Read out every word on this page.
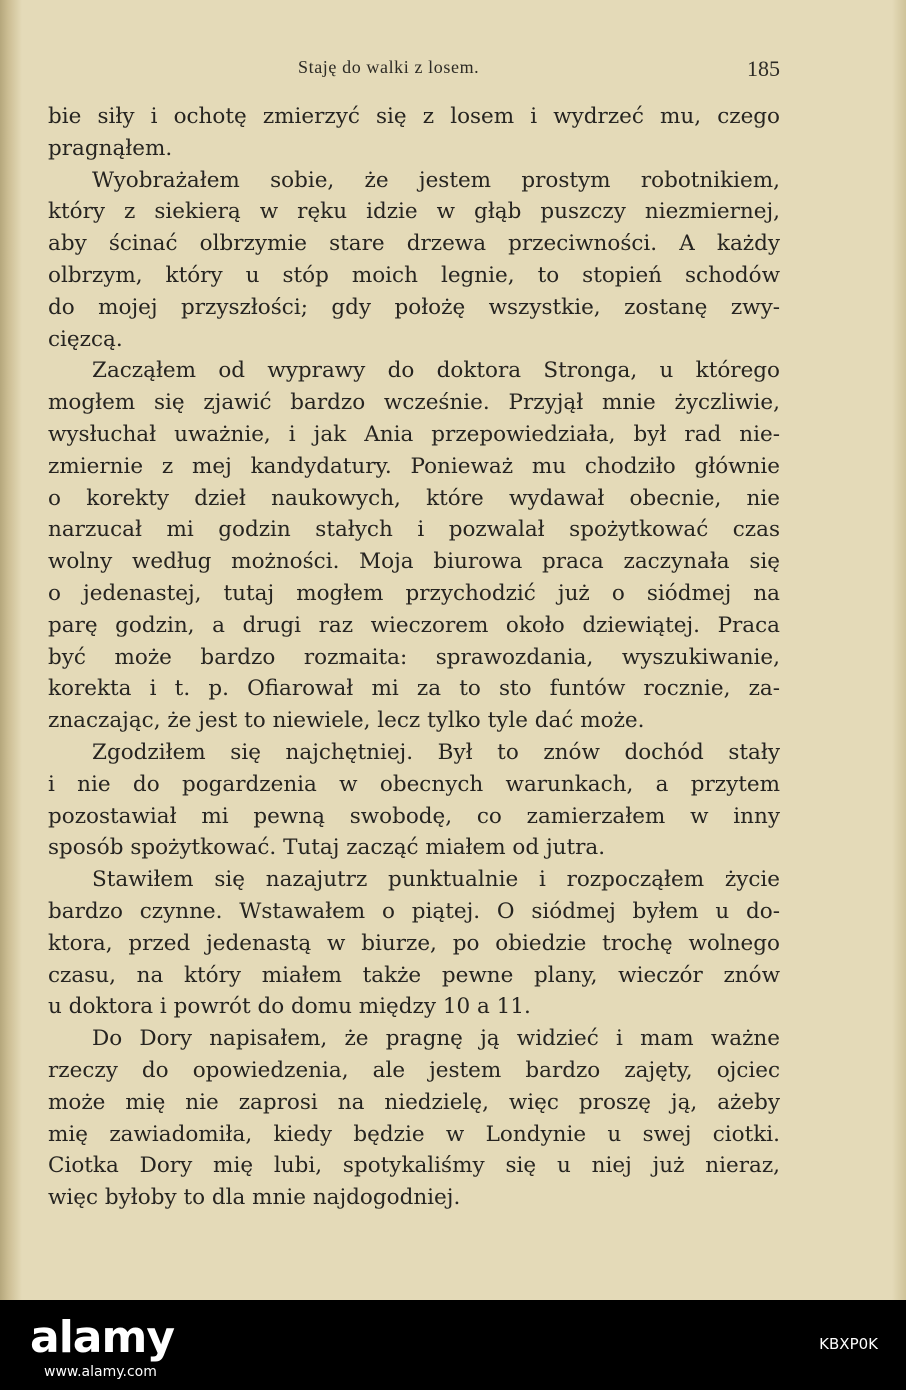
Staję do walki z losem.	185
bie siły i ochotę zmierzyć się z losem i wydrzeć mu, czego
pragnąłem.
Wyobrażałem sobie, że jestem prostym robotnikiem,
który z siekierą w ręku idzie w głąb puszczy niezmiernej,
aby ścinać olbrzymie stare drzewa przeciwności. A każdy
olbrzym, który u stóp moich legnie, to stopień schodów
do mojej przyszłości; gdy położę wszystkie, zostanę zwy-
cięzcą.
Zacząłem od wyprawy do doktora Stronga, u którego
mogłem się zjawić bardzo wcześnie. Przyjął mnie życzliwie,
wysłuchał uważnie, i jak Ania przepowiedziała, był rad nie-
zmiernie z mej kandydatury. Ponieważ mu chodziło głównie
o korekty dzieł naukowych, które wydawał obecnie, nie
narzucał mi godzin stałych i pozwalał spożytkować czas
wolny według możności. Moja biurowa praca zaczynała się
o jedenastej, tutaj mogłem przychodzić już o siódmej na
parę godzin, a drugi raz wieczorem około dziewiątej. Praca
być może bardzo rozmaita: sprawozdania, wyszukiwanie,
korekta i t. p. Ofiarował mi za to sto funtów rocznie, za-
znaczając, że jest to niewiele, lecz tylko tyle dać może.
Zgodziłem się najchętniej. Był to znów dochód stały
i nie do pogardzenia w obecnych warunkach, a przytem
pozostawiał mi pewną swobodę, co zamierzałem w inny
sposób spożytkować. Tutaj zacząć miałem od jutra.
Stawiłem się nazajutrz punktualnie i rozpocząłem życie
bardzo czynne. Wstawałem o piątej. O siódmej byłem u do-
ktora, przed jedenastą w biurze, po obiedzie trochę wolnego
czasu, na który miałem także pewne plany, wieczór znów
u doktora i powrót do domu między 10 a 11.
Do Dory napisałem, że pragnę ją widzieć i mam ważne
rzeczy do opowiedzenia, ale jestem bardzo zajęty, ojciec
może mię nie zaprosi na niedzielę, więc proszę ją, ażeby
mię zawiadomiła, kiedy będzie w Londynie u swej ciotki.
Ciotka Dory mię lubi, spotykaliśmy się u niej już nieraz,
więc byłoby to dla mnie najdogodniej.
alamy	KBXP0K
www.alamy.com
